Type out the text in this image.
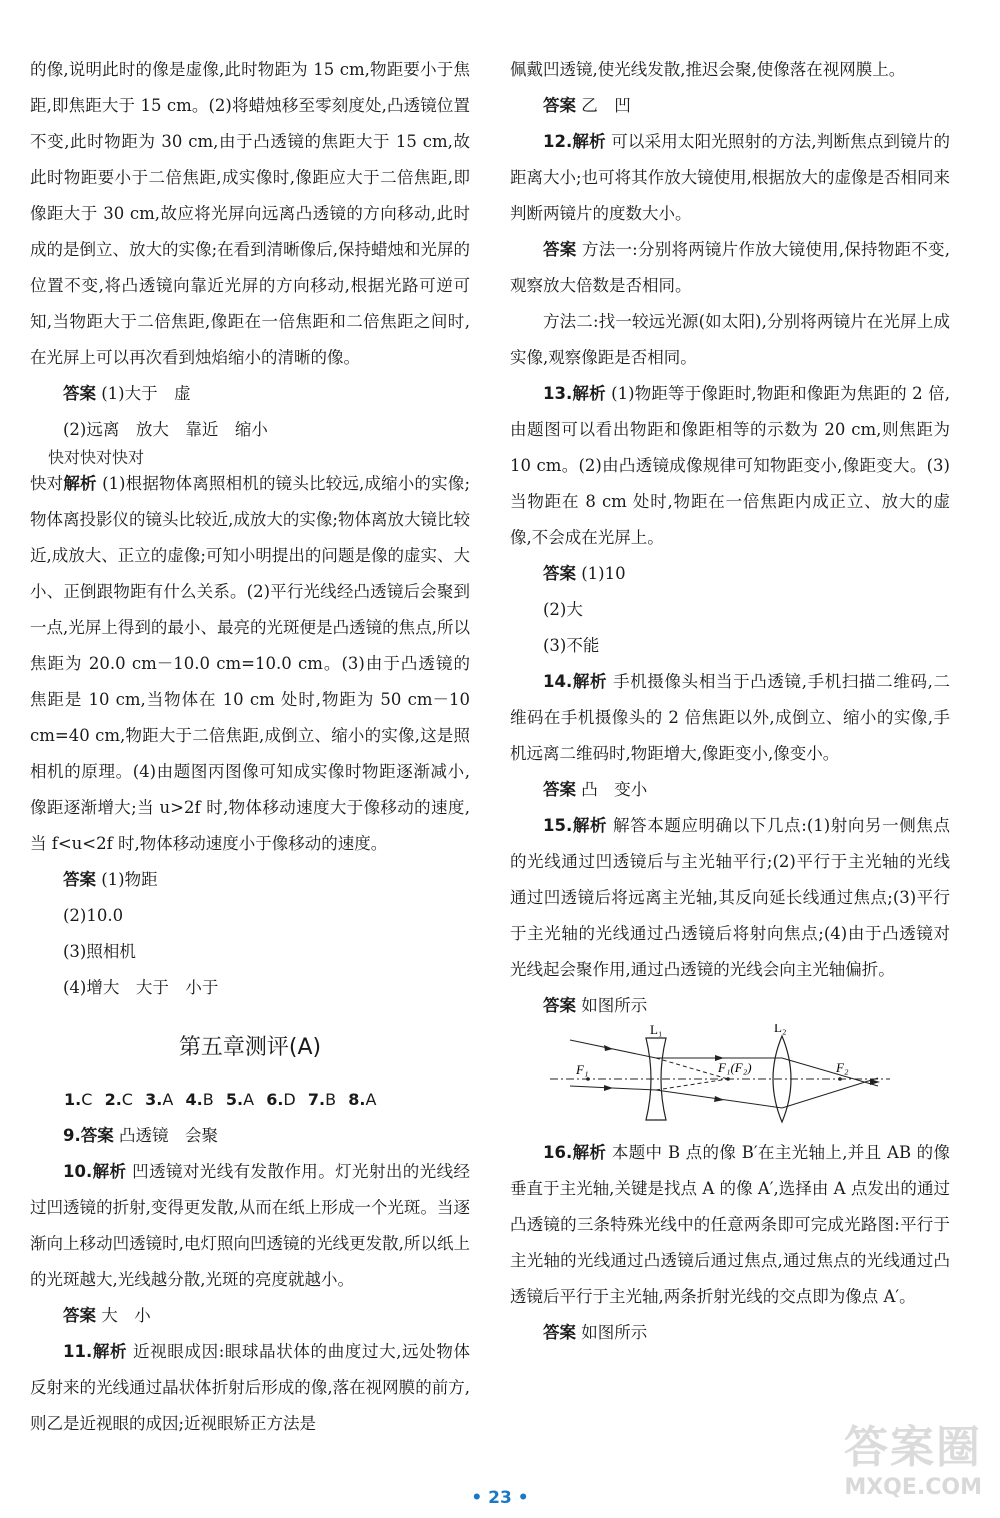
的像,说明此时的像是虚像,此时物距为 15 cm,物距要小于焦距,即焦距大于 15 cm。(2)将蜡烛移至零刻度处,凸透镜位置不变,此时物距为 30 cm,由于凸透镜的焦距大于 15 cm,故此时物距要小于二倍焦距,成实像时,像距应大于二倍焦距,即像距大于 30 cm,故应将光屏向远离凸透镜的方向移动,此时成的是倒立、放大的实像;在看到清晰像后,保持蜡烛和光屏的位置不变,将凸透镜向靠近光屏的方向移动,根据光路可逆可知,当物距大于二倍焦距,像距在一倍焦距和二倍焦距之间时,在光屏上可以再次看到烛焰缩小的清晰的像。

答案 (1)大于　虚

(2)远离　放大　靠近　缩小

快对快对快对

快对解析 (1)根据物体离照相机的镜头比较远,成缩小的实像;物体离投影仪的镜头比较近,成放大的实像;物体离放大镜比较近,成放大、正立的虚像;可知小明提出的问题是像的虚实、大小、正倒跟物距有什么关系。(2)平行光线经凸透镜后会聚到一点,光屏上得到的最小、最亮的光斑便是凸透镜的焦点,所以焦距为 20.0 cm－10.0 cm=10.0 cm。(3)由于凸透镜的焦距是 10 cm,当物体在 10 cm 处时,物距为 50 cm－10 cm=40 cm,物距大于二倍焦距,成倒立、缩小的实像,这是照相机的原理。(4)由题图丙图像可知成实像时物距逐渐减小,像距逐渐增大;当 u>2f 时,物体移动速度大于像移动的速度,当 f<u<2f 时,物体移动速度小于像移动的速度。

答案 (1)物距

(2)10.0

(3)照相机

(4)增大　大于　小于

第五章测评(A)

1.C 2.C 3.A 4.B 5.A 6.D 7.B 8.A

9.答案 凸透镜　会聚

10.解析 凹透镜对光线有发散作用。灯光射出的光线经过凹透镜的折射,变得更发散,从而在纸上形成一个光斑。当逐渐向上移动凹透镜时,电灯照向凹透镜的光线更发散,所以纸上的光斑越大,光线越分散,光斑的亮度就越小。

答案 大　小

11.解析 近视眼成因:眼球晶状体的曲度过大,远处物体反射来的光线通过晶状体折射后形成的像,落在视网膜的前方,则乙是近视眼的成因;近视眼矫正方法是

佩戴凹透镜,使光线发散,推迟会聚,使像落在视网膜上。

答案 乙　凹

12.解析 可以采用太阳光照射的方法,判断焦点到镜片的距离大小;也可将其作放大镜使用,根据放大的虚像是否相同来判断两镜片的度数大小。

答案 方法一:分别将两镜片作放大镜使用,保持物距不变,观察放大倍数是否相同。

方法二:找一较远光源(如太阳),分别将两镜片在光屏上成实像,观察像距是否相同。

13.解析 (1)物距等于像距时,物距和像距为焦距的 2 倍,由题图可以看出物距和像距相等的示数为 20 cm,则焦距为 10 cm。(2)由凸透镜成像规律可知物距变小,像距变大。(3)当物距在 8 cm 处时,物距在一倍焦距内成正立、放大的虚像,不会成在光屏上。

答案 (1)10

(2)大

(3)不能

14.解析 手机摄像头相当于凸透镜,手机扫描二维码,二维码在手机摄像头的 2 倍焦距以外,成倒立、缩小的实像,手机远离二维码时,物距增大,像距变小,像变小。

答案 凸　变小

15.解析 解答本题应明确以下几点:(1)射向另一侧焦点的光线通过凹透镜后与主光轴平行;(2)平行于主光轴的光线通过凹透镜后将远离主光轴,其反向延长线通过焦点;(3)平行于主光轴的光线通过凸透镜后将射向焦点;(4)由于凸透镜对光线起会聚作用,通过凸透镜的光线会向主光轴偏折。

答案 如图所示

L₁	L₂
F₁	F₁(F₂)	F₂

16.解析 本题中 B 点的像 B′在主光轴上,并且 AB 的像垂直于主光轴,关键是找点 A 的像 A′,选择由 A 点发出的通过凸透镜的三条特殊光线中的任意两条即可完成光路图:平行于主光轴的光线通过凸透镜后通过焦点,通过焦点的光线通过凸透镜后平行于主光轴,两条折射光线的交点即为像点 A′。

答案 如图所示

• 23 •
答案圈
MXQE.COM
